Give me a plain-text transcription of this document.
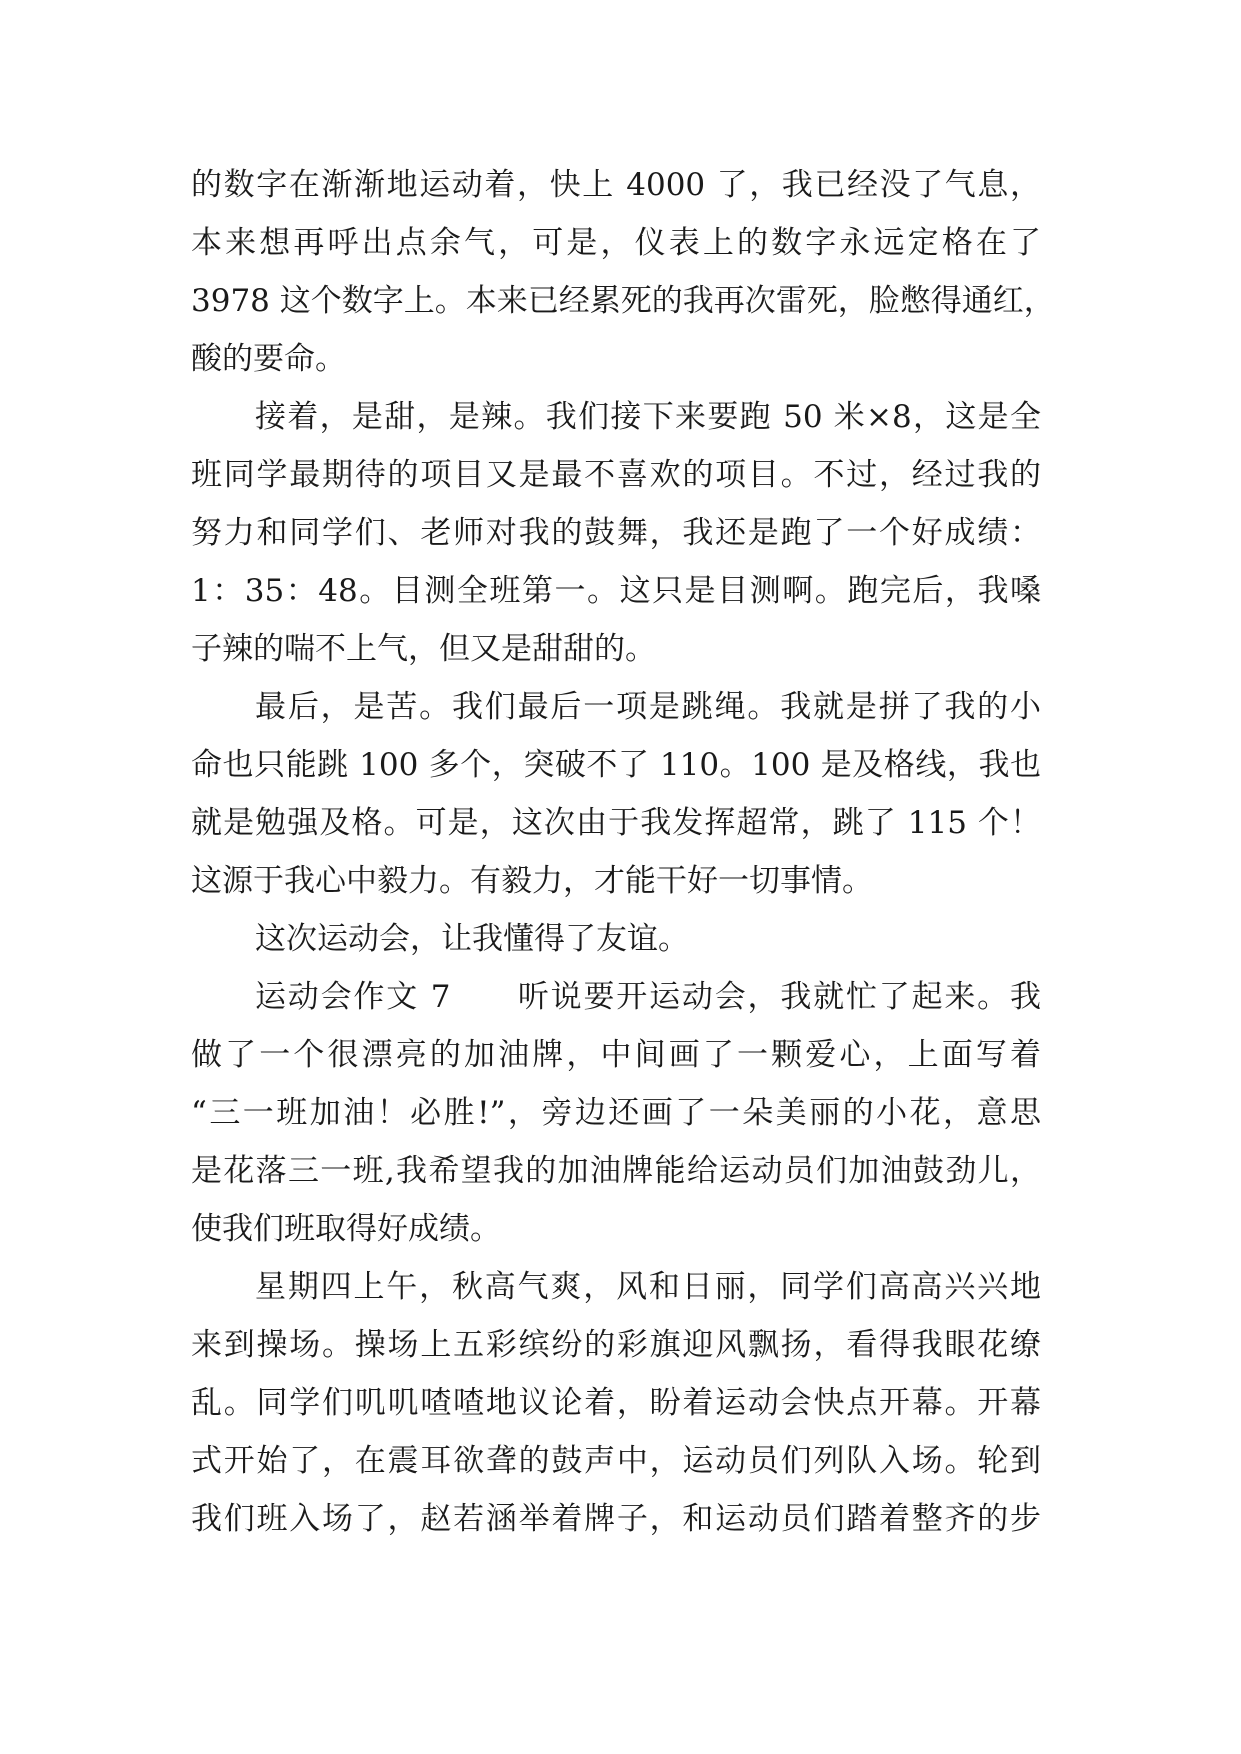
的数字在渐渐地运动着，快上 4000 了，我已经没了气息，
本来想再呼出点余气，可是，仪表上的数字永远定格在了
3978 这个数字上。本来已经累死的我再次雷死，脸憋得通红，
酸的要命。
接着，是甜，是辣。我们接下来要跑 50 米×8，这是全
班同学最期待的项目又是最不喜欢的项目。不过，经过我的
努力和同学们、老师对我的鼓舞，我还是跑了一个好成绩：
1：35：48。目测全班第一。这只是目测啊。跑完后，我嗓
子辣的喘不上气，但又是甜甜的。
最后，是苦。我们最后一项是跳绳。我就是拼了我的小
命也只能跳 100 多个，突破不了 110。100 是及格线，我也
就是勉强及格。可是，这次由于我发挥超常，跳了 115 个！
这源于我心中毅力。有毅力，才能干好一切事情。
这次运动会，让我懂得了友谊。
运动会作文 7　　听说要开运动会，我就忙了起来。我
做了一个很漂亮的加油牌，中间画了一颗爱心，上面写着
“三一班加油！必胜!”，旁边还画了一朵美丽的小花，意思
是花落三一班,我希望我的加油牌能给运动员们加油鼓劲儿，
使我们班取得好成绩。
星期四上午，秋高气爽，风和日丽，同学们高高兴兴地
来到操场。操场上五彩缤纷的彩旗迎风飘扬，看得我眼花缭
乱。同学们叽叽喳喳地议论着，盼着运动会快点开幕。开幕
式开始了，在震耳欲聋的鼓声中，运动员们列队入场。轮到
我们班入场了，赵若涵举着牌子，和运动员们踏着整齐的步
